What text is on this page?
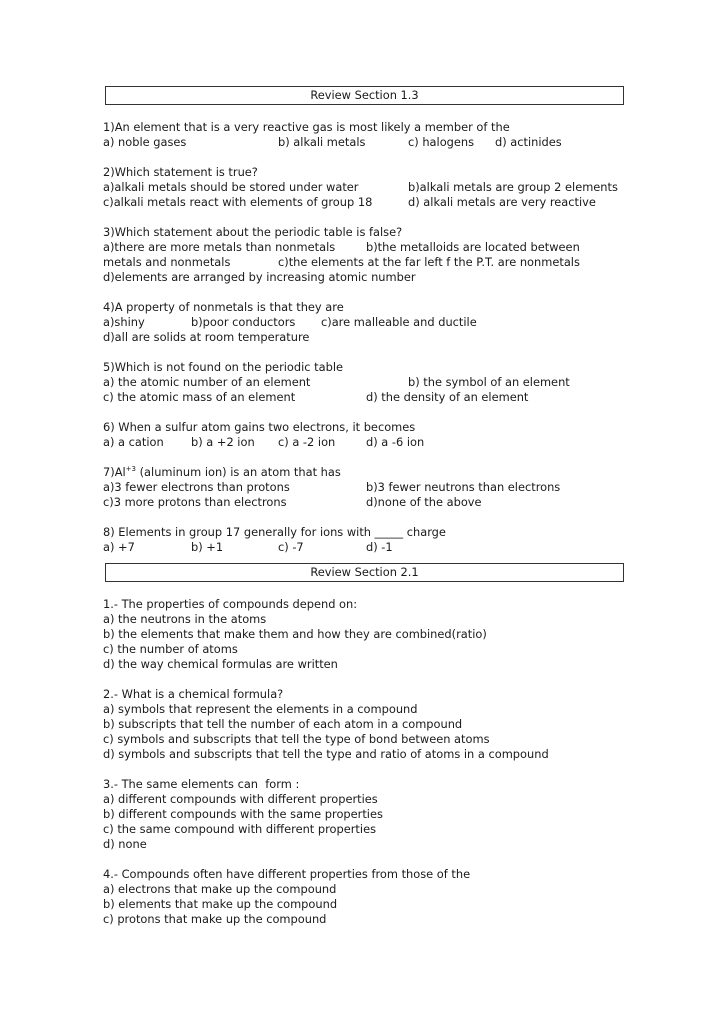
Review Section 1.3
1)An element that is a very reactive gas is most likely a member of the

a) noble gases

	b) alkali metals

	c) halogens

d) actinides

2)Which statement is true?

a)alkali metals should be stored under water

	b)alkali metals are group 2 elements

c)alkali metals react with elements of group 18

	d) alkali metals are very reactive

3)Which statement about the periodic table is false?

a)there are more metals than nonmetals

	b)the metalloids are located between

metals and nonmetals

	c)the elements at the far left f the P.T. are nonmetals

d)elements are arranged by increasing atomic number
4)A property of nonmetals is that they are

a)shiny

	b)poor conductors

c)are malleable and ductile

d)all are solids at room temperature
5)Which is not found on the periodic table

a) the atomic number of an element

	b) the symbol of an element

c) the atomic mass of an element

	d) the density of an element

6) When a sulfur atom gains two electrons, it becomes

a) a cation

b) a +2 ion

c) a -2 ion

	d) a -6 ion

$7)Al^{+3}$ (aluminum ion) is an atom that has

a)3 fewer electrons than protons

	b)3 fewer neutrons than electrons

c)3 more protons than electrons

	d)none of the above

8) Elements in group 17 generally for ions with _____ charge

a) +7

	b) +1

	c) -7

	d) -1

Review Section 2.1
1.- The properties of compounds depend on:
a) the neutrons in the atoms
b) the elements that make them and how they are combined(ratio)
c) the number of atoms
d) the way chemical formulas are written
2.- What is a chemical formula?
a) symbols that represent the elements in a compound
b) subscripts that tell the number of each atom in a compound
c) symbols and subscripts that tell the type of bond between atoms
d) symbols and subscripts that tell the type and ratio of atoms in a compound
3.- The same elements can  form :
a) different compounds with different properties
b) different compounds with the same properties
c) the same compound with different properties
d) none
4.- Compounds often have different properties from those of the
a) electrons that make up the compound
b) elements that make up the compound
c) protons that make up the compound
